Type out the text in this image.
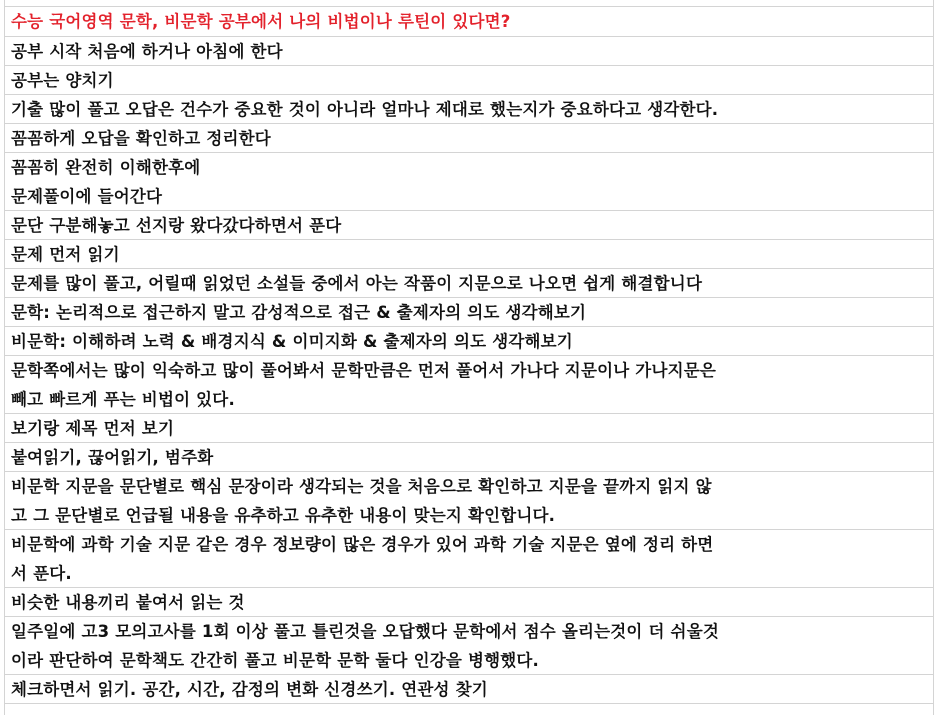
수능 국어영역 문학, 비문학 공부에서 나의 비법이나 루틴이 있다면?
공부 시작 처음에 하거나 아침에 한다
공부는 양치기
기출 많이 풀고 오답은 건수가 중요한 것이 아니라 얼마나 제대로 했는지가 중요하다고 생각한다.
꼼꼼하게 오답을 확인하고 정리한다
꼼꼼히 완전히 이해한후에
문제풀이에 들어간다
문단 구분해놓고 선지랑 왔다갔다하면서 푼다
문제 먼저 읽기
문제를 많이 풀고, 어릴때 읽었던 소설들 중에서 아는 작품이 지문으로 나오면 쉽게 해결합니다
문학: 논리적으로 접근하지 말고 감성적으로 접근 & 출제자의 의도 생각해보기
비문학: 이해하려 노력 & 배경지식 & 이미지화 & 출제자의 의도 생각해보기
문학쪽에서는 많이 익숙하고 많이 풀어봐서 문학만큼은 먼저 풀어서 가나다 지문이나 가나지문은
빼고 빠르게 푸는 비법이 있다.
보기랑 제목 먼저 보기
붙여읽기, 끊어읽기, 범주화
비문학 지문을 문단별로 핵심 문장이라 생각되는 것을 처음으로 확인하고 지문을 끝까지 읽지 않
고 그 문단별로 언급될 내용을 유추하고 유추한 내용이 맞는지 확인합니다.
비문학에 과학 기술 지문 같은 경우 정보량이 많은 경우가 있어 과학 기술 지문은 옆에 정리 하면
서 푼다.
비슷한 내용끼리 붙여서 읽는 것
일주일에 고3 모의고사를 1회 이상 풀고 틀린것을 오답했다 문학에서 점수 올리는것이 더 쉬울것
이라 판단하여 문학책도 간간히 풀고 비문학 문학 둘다 인강을 병행했다.
체크하면서 읽기. 공간, 시간, 감정의 변화 신경쓰기. 연관성 찾기
